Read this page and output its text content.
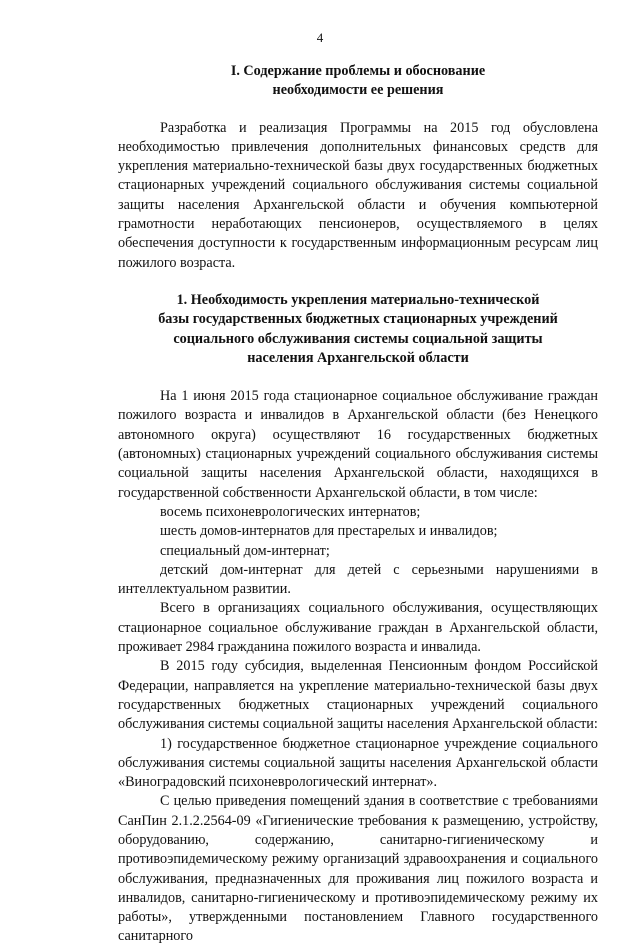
4
I. Содержание проблемы и обоснование
необходимости ее решения

Разработка и реализация Программы на 2015 год обусловлена необходимостью привлечения дополнительных финансовых средств для укрепления материально-технической базы двух государственных бюджетных стационарных учреждений социального обслуживания системы социальной защиты населения Архангельской области и обучения компьютерной грамотности неработающих пенсионеров, осуществляемого в целях обеспечения доступности к государственным информационным ресурсам лиц пожилого возраста.

1. Необходимость укрепления материально-технической
базы государственных бюджетных стационарных учреждений
социального обслуживания системы социальной защиты
населения Архангельской области

На 1 июня 2015 года стационарное социальное обслуживание граждан пожилого возраста и инвалидов в Архангельской области (без Ненецкого автономного округа) осуществляют 16 государственных бюджетных (автономных) стационарных учреждений социального обслуживания системы социальной защиты населения Архангельской области, находящихся в государственной собственности Архангельской области, в том числе:

восемь психоневрологических интернатов;
шесть домов-интернатов для престарелых и инвалидов;
специальный дом-интернат;
детский дом-интернат для детей с серьезными нарушениями в интеллектуальном развитии.

Всего в организациях социального обслуживания, осуществляющих стационарное социальное обслуживание граждан в Архангельской области, проживает 2984 гражданина пожилого возраста и инвалида.

В 2015 году субсидия, выделенная Пенсионным фондом Российской Федерации, направляется на укрепление материально-технической базы двух государственных бюджетных стационарных учреждений социального обслуживания системы социальной защиты населения Архангельской области:

1) государственное бюджетное стационарное учреждение социального обслуживания системы социальной защиты населения Архангельской области «Виноградовский психоневрологический интернат».

С целью приведения помещений здания в соответствие с требованиями СанПин 2.1.2.2564-09 «Гигиенические требования к размещению, устройству, оборудованию, содержанию, санитарно-гигиеническому и противоэпидемическому режиму организаций здравоохранения и социального обслуживания, предназначенных для проживания лиц пожилого возраста и инвалидов, санитарно-гигиеническому и противоэпидемическому режиму их работы», утвержденными постановлением Главного государственного санитарного
